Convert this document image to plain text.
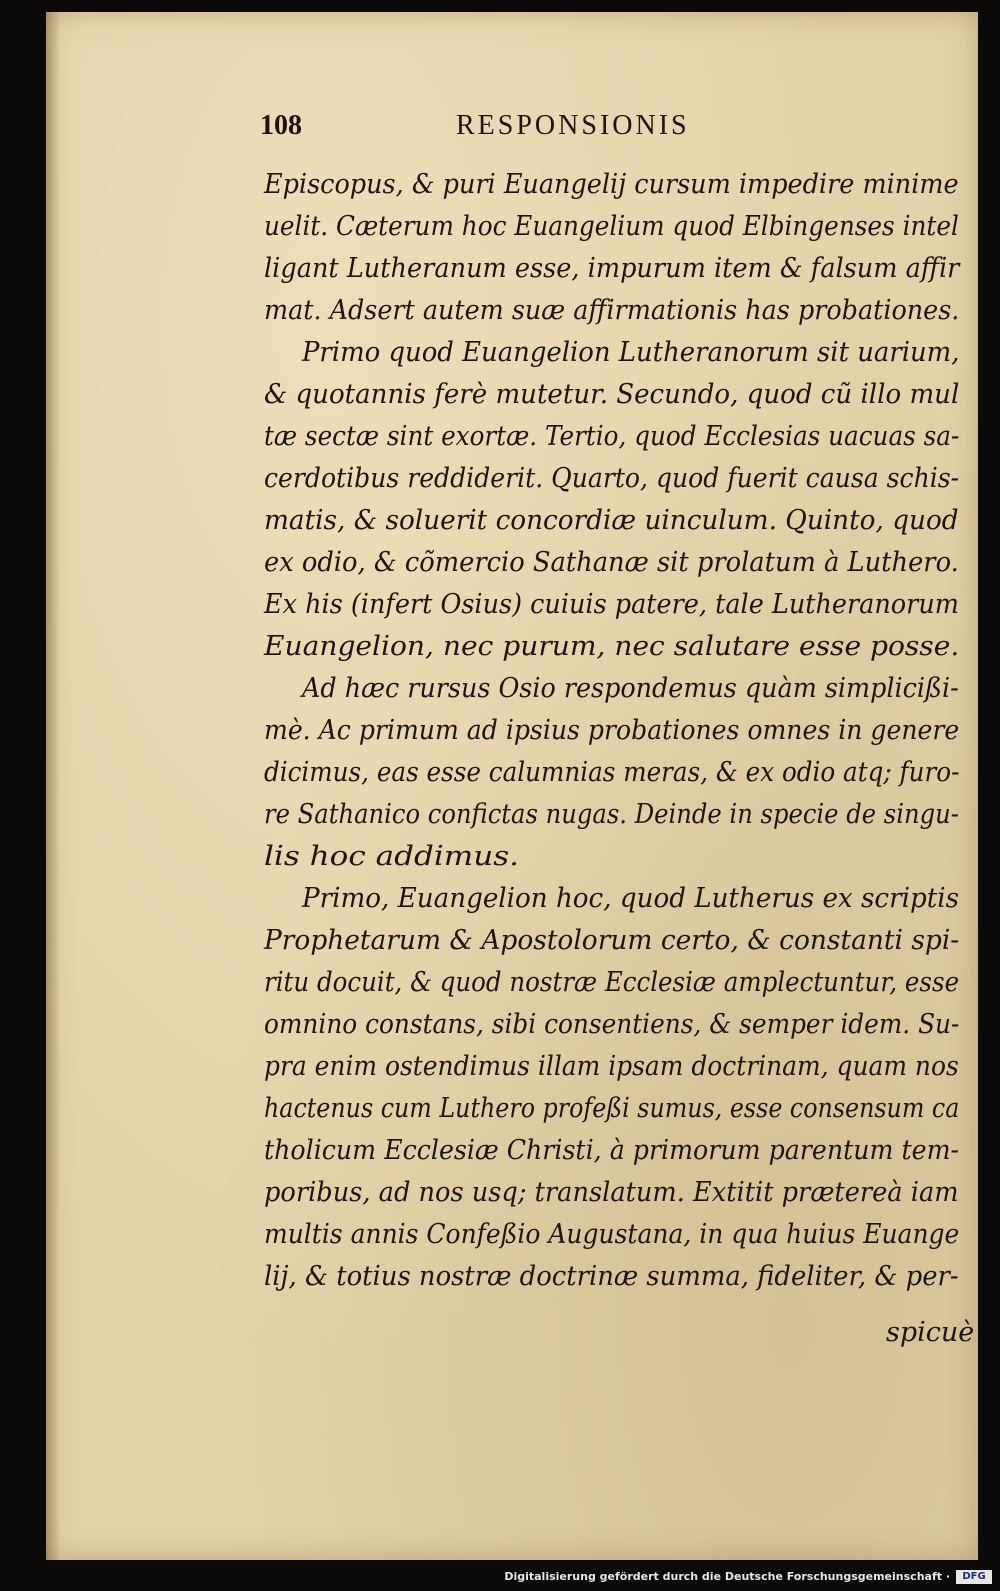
108	RESPONSIONIS
Episcopus, & puri Euangelij cursum impedire minime
uelit. Cæterum hoc Euangelium quod Elbingenses intel
ligant Lutheranum esse, impurum item & falsum affir
mat. Adsert autem suæ affirmationis has probationes.
Primo quod Euangelion Lutheranorum sit uarium,
& quotannis ferè mutetur. Secundo, quod cũ illo mul
tæ sectæ sint exortæ. Tertio, quod Ecclesias uacuas sa-
cerdotibus reddiderit. Quarto, quod fuerit causa schis-
matis, & soluerit concordiæ uinculum. Quinto, quod
ex odio, & cõmercio Sathanæ sit prolatum à Luthero.
Ex his (infert Osius) cuiuis patere, tale Lutheranorum
Euangelion, nec purum, nec salutare esse posse.
Ad hæc rursus Osio respondemus quàm simplicißi-
mè. Ac primum ad ipsius probationes omnes in genere
dicimus, eas esse calumnias meras, & ex odio atq; furo-
re Sathanico confictas nugas. Deinde in specie de singu-
lis hoc addimus.
Primo, Euangelion hoc, quod Lutherus ex scriptis
Prophetarum & Apostolorum certo, & constanti spi-
ritu docuit, & quod nostræ Ecclesiæ amplectuntur, esse
omnino constans, sibi consentiens, & semper idem. Su-
pra enim ostendimus illam ipsam doctrinam, quam nos
hactenus cum Luthero profeßi sumus, esse consensum ca
tholicum Ecclesiæ Christi, à primorum parentum tem-
poribus, ad nos usq; translatum. Extitit prætereà iam
multis annis Confeßio Augustana, in qua huius Euange
lij, & totius nostræ doctrinæ summa, fideliter, & per-
spicuè
Digitalisierung gefördert durch die Deutsche Forschungsgemeinschaft ·	DFG
